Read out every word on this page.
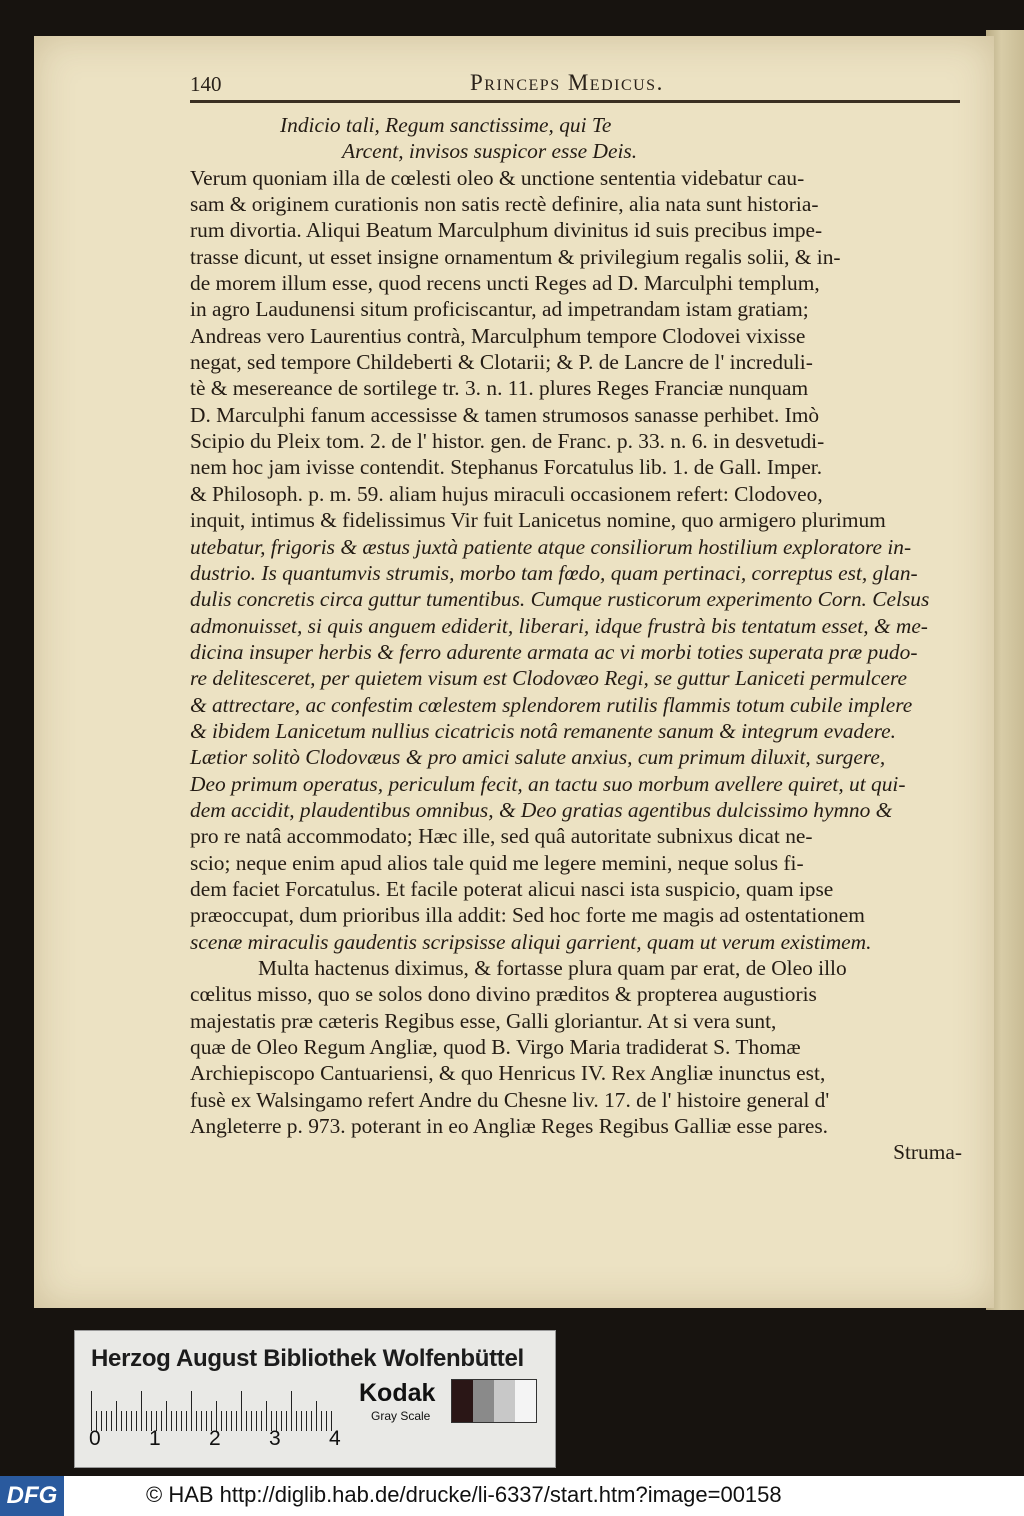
140	Princeps Medicus.
Indicio tali, Regum sanctissime, qui Te
Arcent, invisos suspicor esse Deis.
Verum quoniam illa de cœlesti oleo & unctione sententia videbatur cau-
sam & originem curationis non satis rectè definire, alia nata sunt historia-
rum divortia. Aliqui Beatum Marculphum divinitus id suis precibus impe-
trasse dicunt, ut esset insigne ornamentum & privilegium regalis solii, & in-
de morem illum esse, quod recens uncti Reges ad D. Marculphi templum,
in agro Laudunensi situm proficiscantur, ad impetrandam istam gratiam;
Andreas vero Laurentius contrà, Marculphum tempore Clodovei vixisse
negat, sed tempore Childeberti & Clotarii; & P. de Lancre de l' increduli-
tè & mesereance de sortilege tr. 3. n. 11. plures Reges Franciæ nunquam
D. Marculphi fanum accessisse & tamen strumosos sanasse perhibet. Imò
Scipio du Pleix tom. 2. de l' histor. gen. de Franc. p. 33. n. 6. in desvetudi-
nem hoc jam ivisse contendit. Stephanus Forcatulus lib. 1. de Gall. Imper.
& Philosoph. p. m. 59. aliam hujus miraculi occasionem refert: Clodoveo,
inquit, intimus & fidelissimus Vir fuit Lanicetus nomine, quo armigero plurimum
utebatur, frigoris & æstus juxtà patiente atque consiliorum hostilium exploratore in-
dustrio. Is quantumvis strumis, morbo tam fœdo, quam pertinaci, correptus est, glan-
dulis concretis circa guttur tumentibus. Cumque rusticorum experimento Corn. Celsus
admonuisset, si quis anguem ediderit, liberari, idque frustrà bis tentatum esset, & me-
dicina insuper herbis & ferro adurente armata ac vi morbi toties superata præ pudo-
re delitesceret, per quietem visum est Clodovæo Regi, se guttur Laniceti permulcere
& attrectare, ac confestim cœlestem splendorem rutilis flammis totum cubile implere
& ibidem Lanicetum nullius cicatricis notâ remanente sanum & integrum evadere.
Lætior solitò Clodovæus & pro amici salute anxius, cum primum diluxit, surgere,
Deo primum operatus, periculum fecit, an tactu suo morbum avellere quiret, ut qui-
dem accidit, plaudentibus omnibus, & Deo gratias agentibus dulcissimo hymno &
pro re natâ accommodato; Hæc ille, sed quâ autoritate subnixus dicat ne-
scio; neque enim apud alios tale quid me legere memini, neque solus fi-
dem faciet Forcatulus. Et facile poterat alicui nasci ista suspicio, quam ipse
præoccupat, dum prioribus illa addit: Sed hoc forte me magis ad ostentationem
scenæ miraculis gaudentis scripsisse aliqui garrient, quam ut verum existimem.
Multa hactenus diximus, & fortasse plura quam par erat, de Oleo illo
cœlitus misso, quo se solos dono divino præditos & propterea augustioris
majestatis præ cæteris Regibus esse, Galli gloriantur. At si vera sunt,
quæ de Oleo Regum Angliæ, quod B. Virgo Maria tradiderat S. Thomæ
Archiepiscopo Cantuariensi, & quo Henricus IV. Rex Angliæ inunctus est,
fusè ex Walsingamo refert Andre du Chesne liv. 17. de l' histoire general d'
Angleterre p. 973. poterant in eo Angliæ Reges Regibus Galliæ esse pares.
Struma-
Herzog August Bibliothek Wolfenbüttel
0 1 2 3 4
Kodak
Gray Scale
DFG	© HAB http://diglib.hab.de/drucke/li-6337/start.htm?image=00158
